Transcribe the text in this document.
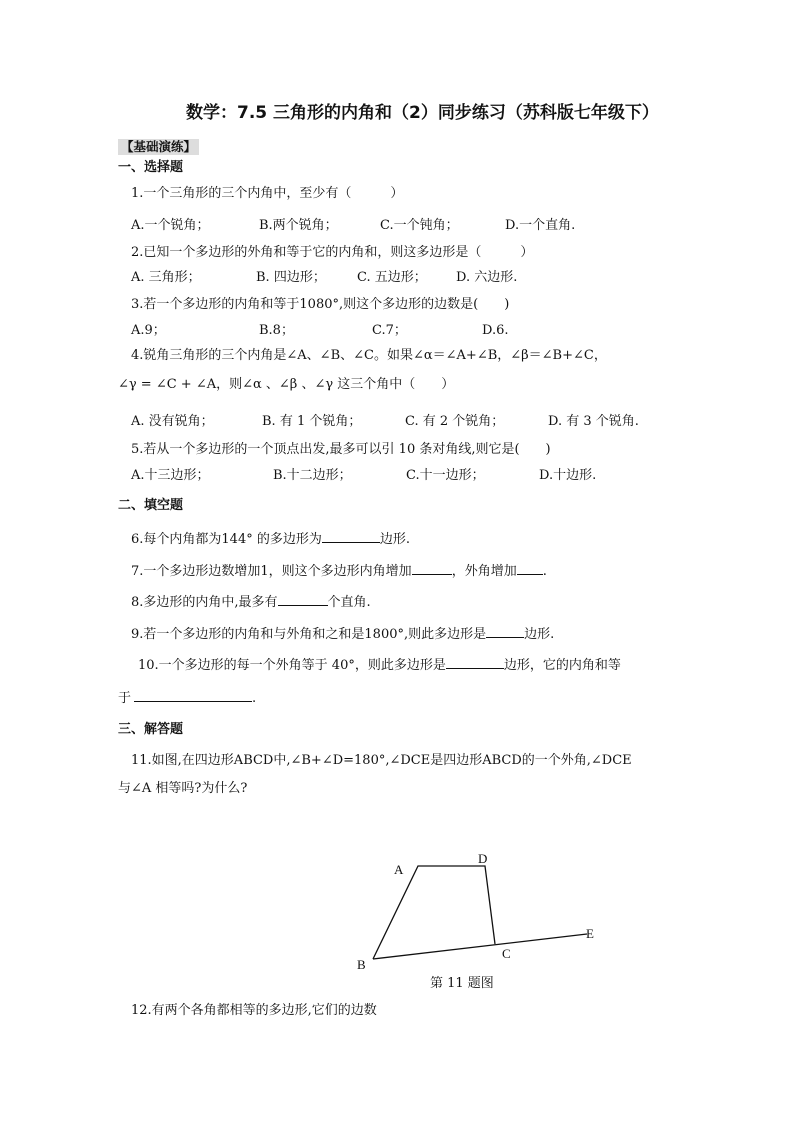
数学：7.5 三角形的内角和（2）同步练习（苏科版七年级下）
【基础演练】
一、选择题
1.一个三角形的三个内角中，至少有（　　　）
A.一个锐角；	B.两个锐角；	C.一个钝角；	D.一个直角.
2.已知一个多边形的外角和等于它的内角和，则这多边形是（　　　）
A. 三角形；	B. 四边形； C. 五边形； D. 六边形.
3.若一个多边形的内角和等于1080°,则这个多边形的边数是(　　)
A.9；	B.8；	C.7；	D.6.
4.锐角三角形的三个内角是∠A、∠B、∠C。如果∠α＝∠A+∠B，∠β＝∠B+∠C，
∠γ = ∠C + ∠A，则∠α 、∠β 、∠γ 这三个角中（　　）
A. 没有锐角；	B. 有 1 个锐角；	C. 有 2 个锐角；	D. 有 3 个锐角.
5.若从一个多边形的一个顶点出发,最多可以引 10 条对角线,则它是(　　)
A.十三边形；	B.十二边形；	C.十一边形；	D.十边形.
二、填空题
6.每个内角都为144° 的多边形为	边形.
7.一个多边形边数增加1，则这个多边形内角增加	，外角增加 .
8.多边形的内角中,最多有	个直角.
9.若一个多边形的内角和与外角和之和是1800°,则此多边形是	边形.
10.一个多边形的每一个外角等于 40°，则此多边形是	边形，它的内角和等
于	.
三、解答题
11.如图,在四边形ABCD中,∠B+∠D=180°,∠DCE是四边形ABCD的一个外角,∠DCE
与∠A 相等吗?为什么?
A
D
B
C
E
第 11 题图
12.有两个各角都相等的多边形,它们的边数
